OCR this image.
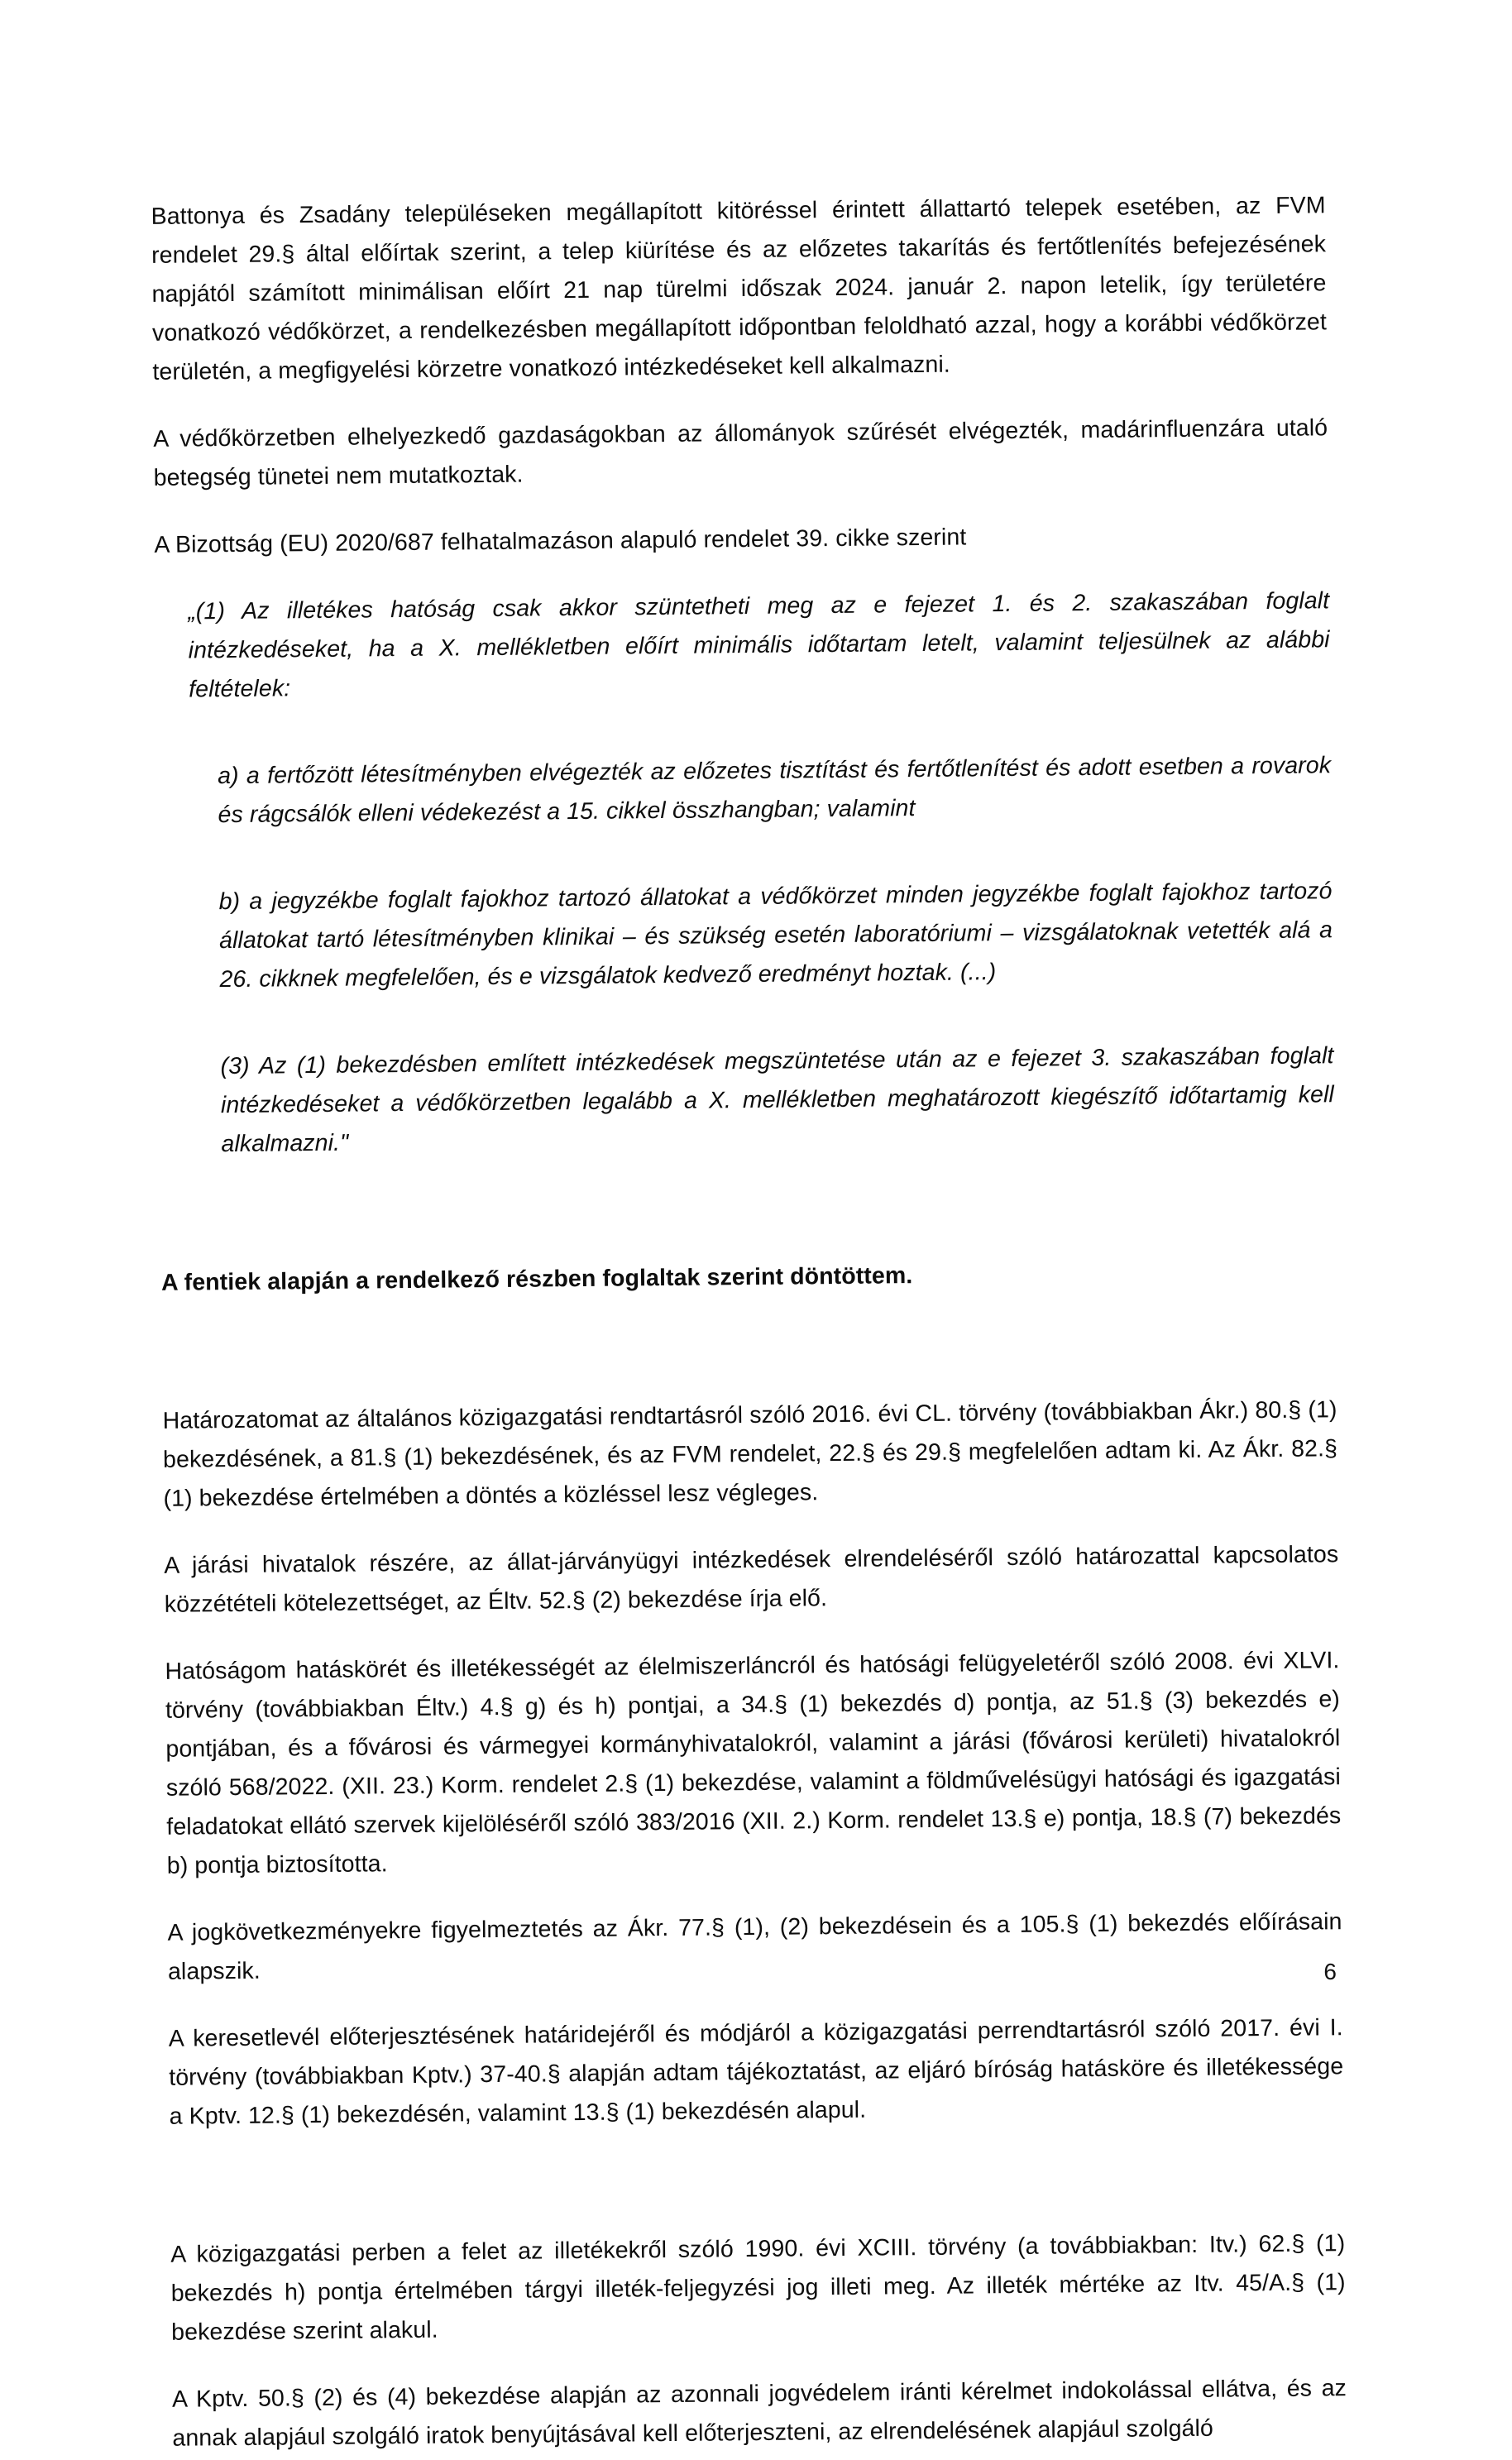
Battonya és Zsadány településeken megállapított kitöréssel érintett állattartó telepek esetében, az FVM rendelet 29.§ által előírtak szerint, a telep kiürítése és az előzetes takarítás és fertőtlenítés befejezésének napjától számított minimálisan előírt 21 nap türelmi időszak 2024. január 2. napon letelik, így területére vonatkozó védőkörzet, a rendelkezésben megállapított időpontban feloldható azzal, hogy a korábbi védőkörzet területén, a megfigyelési körzetre vonatkozó intézkedéseket kell alkalmazni.

A védőkörzetben elhelyezkedő gazdaságokban az állományok szűrését elvégezték, madárinfluenzára utaló betegség tünetei nem mutatkoztak.

A Bizottság (EU) 2020/687 felhatalmazáson alapuló rendelet 39. cikke szerint

„(1) Az illetékes hatóság csak akkor szüntetheti meg az e fejezet 1. és 2. szakaszában foglalt intézkedéseket, ha a X. mellékletben előírt minimális időtartam letelt, valamint teljesülnek az alábbi feltételek:

a) a fertőzött létesítményben elvégezték az előzetes tisztítást és fertőtlenítést és adott esetben a rovarok és rágcsálók elleni védekezést a 15. cikkel összhangban; valamint

b) a jegyzékbe foglalt fajokhoz tartozó állatokat a védőkörzet minden jegyzékbe foglalt fajokhoz tartozó állatokat tartó létesítményben klinikai – és szükség esetén laboratóriumi – vizsgálatoknak vetették alá a 26. cikknek megfelelően, és e vizsgálatok kedvező eredményt hoztak. (...)

(3) Az (1) bekezdésben említett intézkedések megszüntetése után az e fejezet 3. szakaszában foglalt intézkedéseket a védőkörzetben legalább a X. mellékletben meghatározott kiegészítő időtartamig kell alkalmazni."

A fentiek alapján a rendelkező részben foglaltak szerint döntöttem.

Határozatomat az általános közigazgatási rendtartásról szóló 2016. évi CL. törvény (továbbiakban Ákr.) 80.§ (1) bekezdésének, a 81.§ (1) bekezdésének, és az FVM rendelet, 22.§ és 29.§ megfelelően adtam ki. Az Ákr. 82.§ (1) bekezdése értelmében a döntés a közléssel lesz végleges.

A járási hivatalok részére, az állat-járványügyi intézkedések elrendeléséről szóló határozattal kapcsolatos közzétételi kötelezettséget, az Éltv. 52.§ (2) bekezdése írja elő.

Hatóságom hatáskörét és illetékességét az élelmiszerláncról és hatósági felügyeletéről szóló 2008. évi XLVI. törvény (továbbiakban Éltv.) 4.§ g) és h) pontjai, a 34.§ (1) bekezdés d) pontja, az 51.§ (3) bekezdés e) pontjában, és a fővárosi és vármegyei kormányhivatalokról, valamint a járási (fővárosi kerületi) hivatalokról szóló 568/2022. (XII. 23.) Korm. rendelet 2.§ (1) bekezdése, valamint a földművelésügyi hatósági és igazgatási feladatokat ellátó szervek kijelöléséről szóló 383/2016 (XII. 2.) Korm. rendelet 13.§ e) pontja, 18.§ (7) bekezdés b) pontja biztosította.

A jogkövetkezményekre figyelmeztetés az Ákr. 77.§ (1), (2) bekezdésein és a 105.§ (1) bekezdés előírásain alapszik.

A keresetlevél előterjesztésének határidejéről és módjáról a közigazgatási perrendtartásról szóló 2017. évi I. törvény (továbbiakban Kptv.) 37-40.§ alapján adtam tájékoztatást, az eljáró bíróság hatásköre és illetékessége a Kptv. 12.§ (1) bekezdésén, valamint 13.§ (1) bekezdésén alapul.

A közigazgatási perben a felet az illetékekről szóló 1990. évi XCIII. törvény (a továbbiakban: Itv.) 62.§ (1) bekezdés h) pontja értelmében tárgyi illeték-feljegyzési jog illeti meg. Az illeték mértéke az Itv. 45/A.§ (1) bekezdése szerint alakul.

A Kptv. 50.§ (2) és (4) bekezdése alapján az azonnali jogvédelem iránti kérelmet indokolással ellátva, és az annak alapjául szolgáló iratok benyújtásával kell előterjeszteni, az elrendelésének alapjául szolgáló

6
